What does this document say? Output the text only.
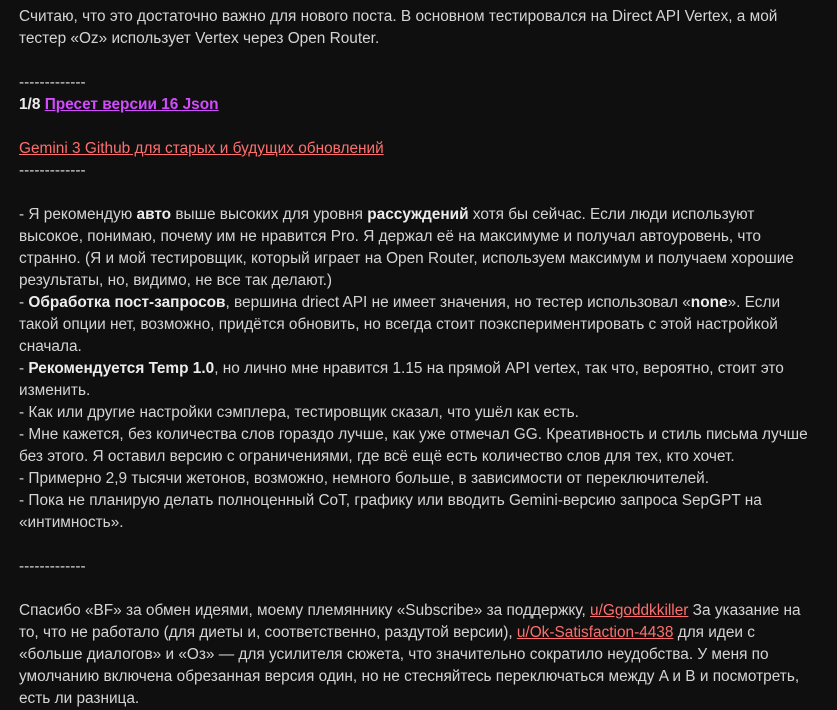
Считаю, что это достаточно важно для нового поста. В основном тестировался на Direct API Vertex, а мой тестер «Oz» использует Vertex через Open Router.

-------------

1/8 Пресет версии 16 Json

Gemini 3 Github для старых и будущих обновлений

-------------

- Я рекомендую авто выше высоких для уровня рассуждений хотя бы сейчас. Если люди используют высокое, понимаю, почему им не нравится Pro. Я держал её на максимуме и получал автоуровень, что странно. (Я и мой тестировщик, который играет на Open Router, используем максимум и получаем хорошие результаты, но, видимо, не все так делают.)

- Обработка пост-запросов, вершина driect API не имеет значения, но тестер использовал «none». Если такой опции нет, возможно, придётся обновить, но всегда стоит поэкспериментировать с этой настройкой сначала.

- Рекомендуется Temp 1.0, но лично мне нравится 1.15 на прямой API vertex, так что, вероятно, стоит это изменить.

- Как или другие настройки сэмплера, тестировщик сказал, что ушёл как есть.

- Мне кажется, без количества слов гораздо лучше, как уже отмечал GG. Креативность и стиль письма лучше без этого. Я оставил версию с ограничениями, где всё ещё есть количество слов для тех, кто хочет.

- Примерно 2,9 тысячи жетонов, возможно, немного больше, в зависимости от переключителей.

- Пока не планирую делать полноценный CoT, графику или вводить Gemini-версию запроса SepGPT на «интимность».

-------------

Спасибо «BF» за обмен идеями, моему племяннику «Subscribe» за поддержку, u/Ggoddkkiller За указание на то, что не работало (для диеты и, соответственно, раздутой версии), u/Ok-Satisfaction-4438 для идеи с «больше диалогов» и «Оз» — для усилителя сюжета, что значительно сократило неудобства. У меня по умолчанию включена обрезанная версия один, но не стесняйтесь переключаться между A и B и посмотреть, есть ли разница.
